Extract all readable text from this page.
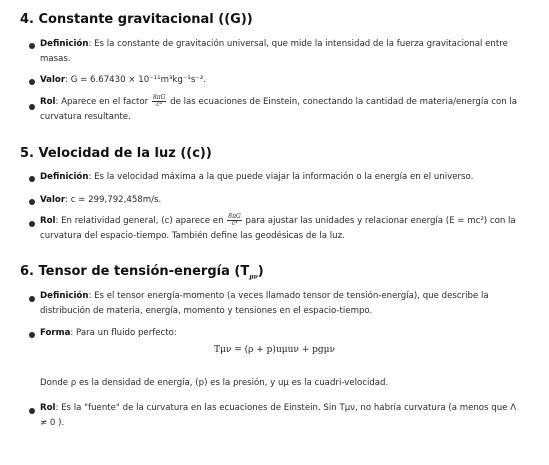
4. Constante gravitacional ((G))
Definición: Es la constante de gravitación universal, que mide la intensidad de la fuerza gravitacional entre masas.
Valor: G = 6.67430 × 10⁻¹¹m³kg⁻¹s⁻².
Rol: Aparece en el factor $\frac{8\pi G}{\text{c⁴}}$ de las ecuaciones de Einstein, conectando la cantidad de materia/energía con la curvatura resultante.
5. Velocidad de la luz ((c))
Definición: Es la velocidad máxima a la que puede viajar la información o la energía en el universo.
Valor: c = 299,792,458m/s.
Rol: En relatividad general, (c) aparece en $\frac{8\pi G}{\text{c⁴}}$ para ajustar las unidades y relacionar energía (E = mc²) con la curvatura del espacio-tiempo. También define las geodésicas de la luz.
6. Tensor de tensión-energía $(T_{\mu\nu})$
Definición: Es el tensor energía-momento (a veces llamado tensor de tensión-energía), que describe la distribución de materia, energía, momento y tensiones en el espacio-tiempo.
Forma: Para un fluido perfecto:
Tμν = (ρ + p)uμuν + pgμν
Donde ρ es la densidad de energía, (p) es la presión, y uμ es la cuadri-velocidad.
Rol: Es la "fuente" de la curvatura en las ecuaciones de Einstein. Sin Tμν, no habría curvatura (a menos que Λ ≠ 0 ).
